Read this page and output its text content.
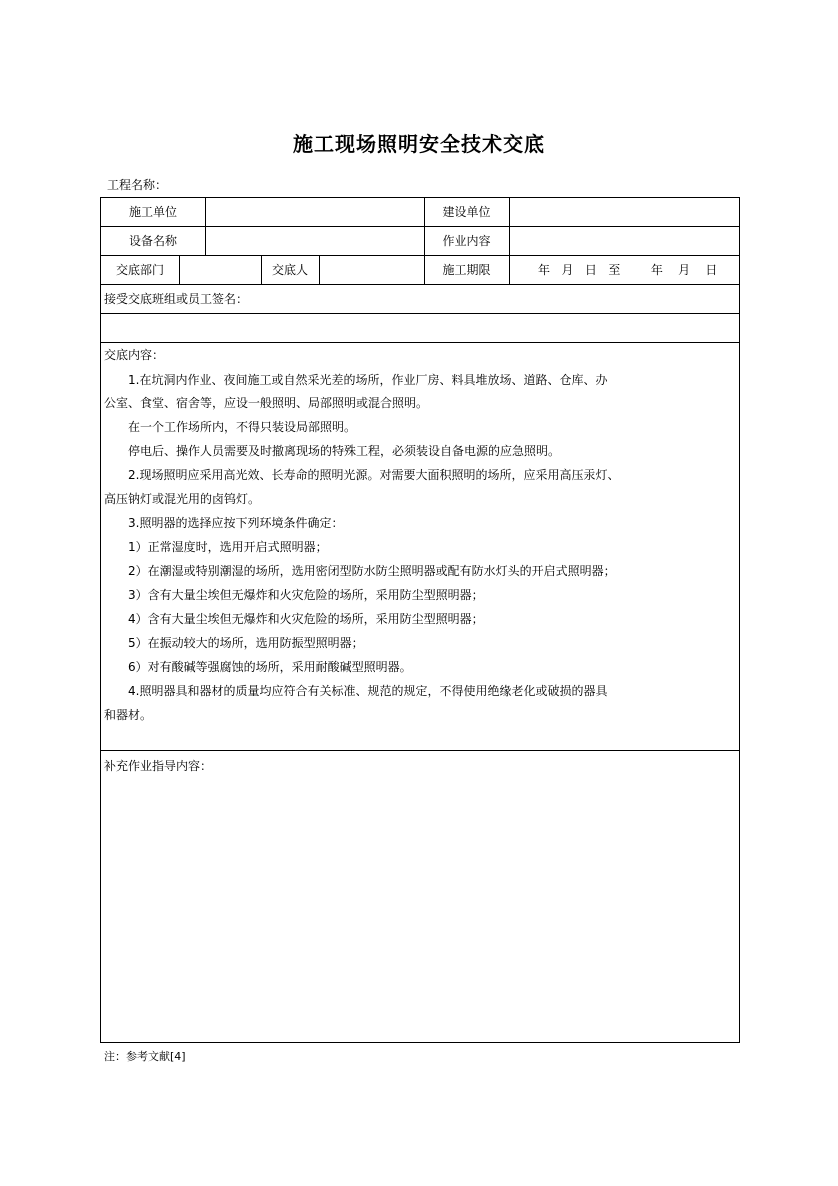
施工现场照明安全技术交底
工程名称：
施工单位	建设单位
设备名称	作业内容
交底部门	交底人	施工期限	年   月   日   至        年    月    日
接受交底班组或员工签名：
交底内容：
1.在坑洞内作业、夜间施工或自然采光差的场所，作业厂房、料具堆放场、道路、仓库、办
公室、食堂、宿舍等，应设一般照明、局部照明或混合照明。
在一个工作场所内，不得只装设局部照明。
停电后、操作人员需要及时撤离现场的特殊工程，必须装设自备电源的应急照明。
2.现场照明应采用高光效、长寿命的照明光源。对需要大面积照明的场所，应采用高压汞灯、
高压钠灯或混光用的卤钨灯。
3.照明器的选择应按下列环境条件确定：
1）正常湿度时，选用开启式照明器；
2）在潮湿或特别潮湿的场所，选用密闭型防水防尘照明器或配有防水灯头的开启式照明器；
3）含有大量尘埃但无爆炸和火灾危险的场所，采用防尘型照明器；
4）含有大量尘埃但无爆炸和火灾危险的场所，采用防尘型照明器；
5）在振动较大的场所，选用防振型照明器；
6）对有酸碱等强腐蚀的场所，采用耐酸碱型照明器。
4.照明器具和器材的质量均应符合有关标准、规范的规定，不得使用绝缘老化或破损的器具
和器材。
补充作业指导内容：
注：参考文献[4]
